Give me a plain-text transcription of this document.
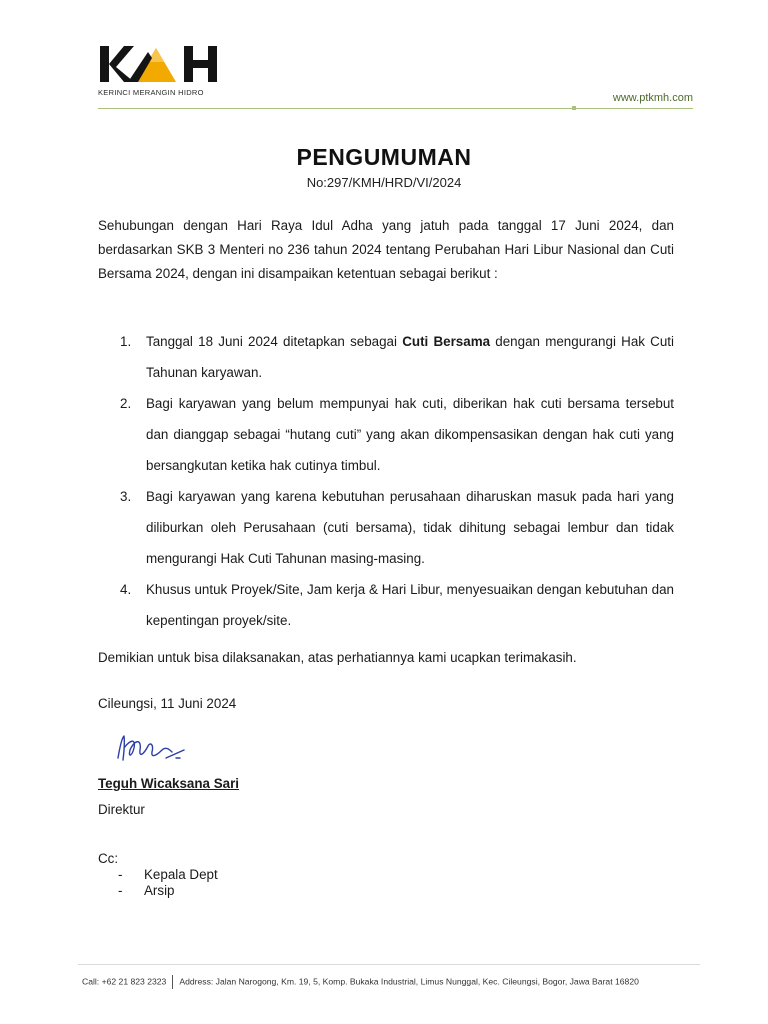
KERINCI MERANGIN HIDRO	www.ptkmh.com
PENGUMUMAN
No:297/KMH/HRD/VI/2024
Sehubungan dengan Hari Raya Idul Adha yang jatuh pada tanggal 17 Juni 2024, dan berdasarkan SKB 3 Menteri no 236 tahun 2024 tentang Perubahan Hari Libur Nasional dan Cuti Bersama 2024, dengan ini disampaikan ketentuan sebagai berikut :
1. Tanggal 18 Juni 2024 ditetapkan sebagai Cuti Bersama dengan mengurangi Hak Cuti Tahunan karyawan.
2. Bagi karyawan yang belum mempunyai hak cuti, diberikan hak cuti bersama tersebut dan dianggap sebagai “hutang cuti” yang akan dikompensasikan dengan hak cuti yang bersangkutan ketika hak cutinya timbul.
3. Bagi karyawan yang karena kebutuhan perusahaan diharuskan masuk pada hari yang diliburkan oleh Perusahaan (cuti bersama), tidak dihitung sebagai lembur dan tidak mengurangi Hak Cuti Tahunan masing-masing.
4. Khusus untuk Proyek/Site, Jam kerja & Hari Libur, menyesuaikan dengan kebutuhan dan kepentingan proyek/site.
Demikian untuk bisa dilaksanakan, atas perhatiannya kami ucapkan terimakasih.
Cileungsi, 11 Juni 2024
Teguh Wicaksana Sari
Direktur
Cc:
- Kepala Dept
- Arsip
Call: +62 21 823 2323 Address: Jalan Narogong, Km. 19, 5, Komp. Bukaka Industrial, Limus Nunggal, Kec. Cileungsi, Bogor, Jawa Barat 16820
